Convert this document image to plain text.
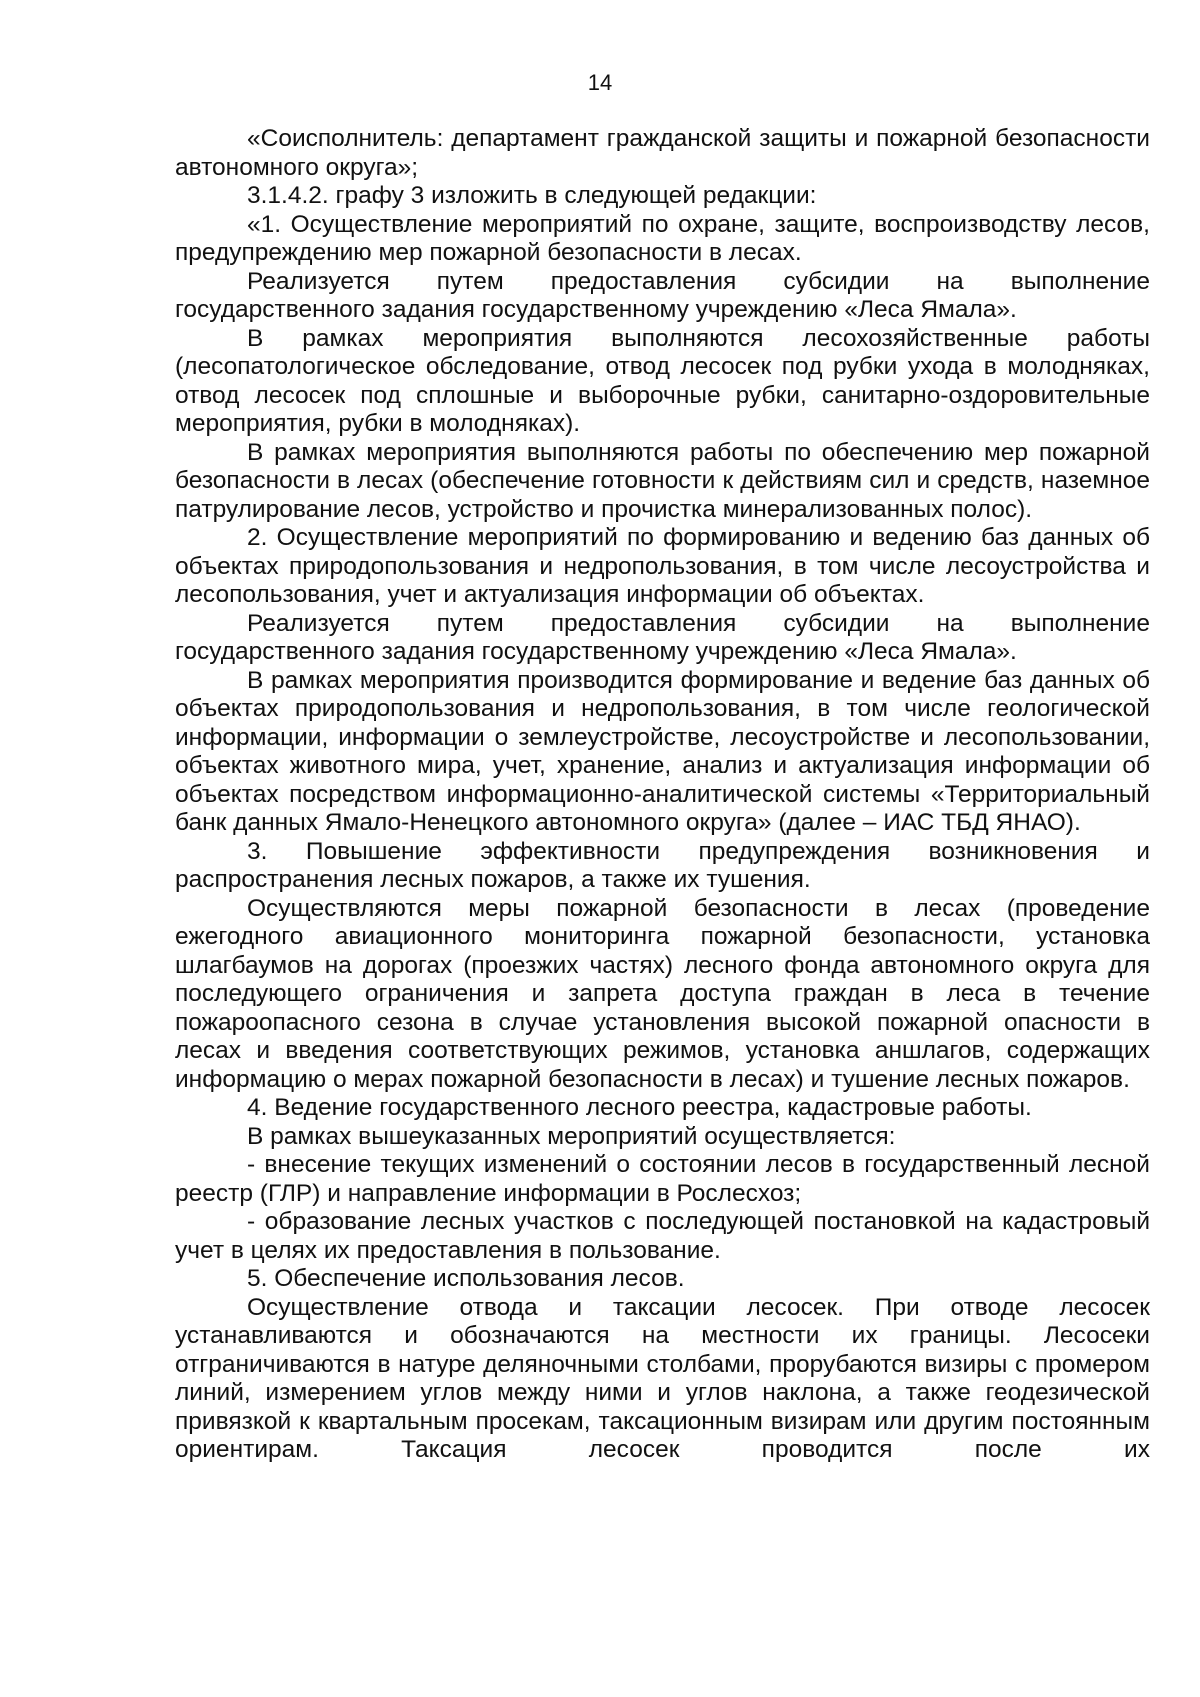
14

«Соисполнитель: департамент гражданской защиты и пожарной безопасности автономного округа»;

3.1.4.2. графу 3 изложить в следующей редакции:

«1. Осуществление мероприятий по охране, защите, воспроизводству лесов, предупреждению мер пожарной безопасности в лесах.

Реализуется путем предоставления субсидии на выполнение государственного задания государственному учреждению «Леса Ямала».

В рамках мероприятия выполняются лесохозяйственные работы (лесопатологическое обследование, отвод лесосек под рубки ухода в молодняках, отвод лесосек под сплошные и выборочные рубки, санитарно-оздоровительные мероприятия, рубки в молодняках).

В рамках мероприятия выполняются работы по обеспечению мер пожарной безопасности в лесах (обеспечение готовности к действиям сил и средств, наземное патрулирование лесов, устройство и прочистка минерализованных полос).

2. Осуществление мероприятий по формированию и ведению баз данных об объектах природопользования и недропользования, в том числе лесоустройства и лесопользования, учет и актуализация информации об объектах.

Реализуется путем предоставления субсидии на выполнение государственного задания государственному учреждению «Леса Ямала».

В рамках мероприятия производится формирование и ведение баз данных об объектах природопользования и недропользования, в том числе геологической информации, информации о землеустройстве, лесоустройстве и лесопользовании, объектах животного мира, учет, хранение, анализ и актуализация информации об объектах посредством информационно-аналитической системы «Территориальный банк данных Ямало-Ненецкого автономного округа» (далее – ИАС ТБД ЯНАО).

3. Повышение эффективности предупреждения возникновения и распространения лесных пожаров, а также их тушения.

Осуществляются меры пожарной безопасности в лесах (проведение ежегодного авиационного мониторинга пожарной безопасности, установка шлагбаумов на дорогах (проезжих частях) лесного фонда автономного округа для последующего ограничения и запрета доступа граждан в леса в течение пожароопасного сезона в случае установления высокой пожарной опасности в лесах и введения соответствующих режимов, установка аншлагов, содержащих информацию о мерах пожарной безопасности в лесах) и тушение лесных пожаров.

4. Ведение государственного лесного реестра, кадастровые работы.

В рамках вышеуказанных мероприятий осуществляется:

- внесение текущих изменений о состоянии лесов в государственный лесной реестр (ГЛР) и направление информации в Рослесхоз;

- образование лесных участков с последующей постановкой на кадастровый учет в целях их предоставления в пользование.

5. Обеспечение использования лесов.

Осуществление отвода и таксации лесосек. При отводе лесосек устанавливаются и обозначаются на местности их границы. Лесосеки отграничиваются в натуре деляночными столбами, прорубаются визиры с промером линий, измерением углов между ними и углов наклона, а также геодезической привязкой к квартальным просекам, таксационным визирам или другим постоянным ориентирам. Таксация лесосек проводится после их
